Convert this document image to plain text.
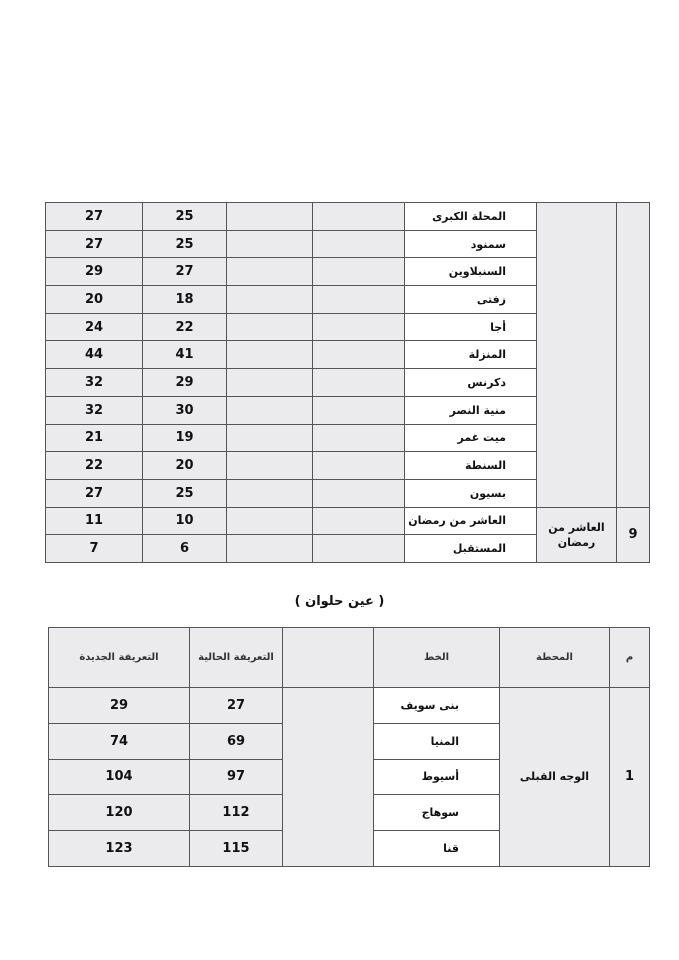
27	25			المحلة الكبرى		
27	25			سمنود		
29	27			السنبلاوين		
20	18			زفتى		
24	22			أجا		
44	41			المنزلة		
32	29			دكرنس		
32	30			منية النصر		
21	19			ميت غمر		
22	20			السنطة		
27	25			بسيون		
11	10			العاشر من رمضان	العاشر من رمضان	9
7	6			المستقبل		
( عين حلوان )
التعريفة الجديدة	التعريفة الحالية		الخط	المحطة	م
29	27		بنى سويف	الوجه القبلى	1
74	69		المنيا		
104	97		أسيوط		
120	112		سوهاج		
123	115		قنا		
